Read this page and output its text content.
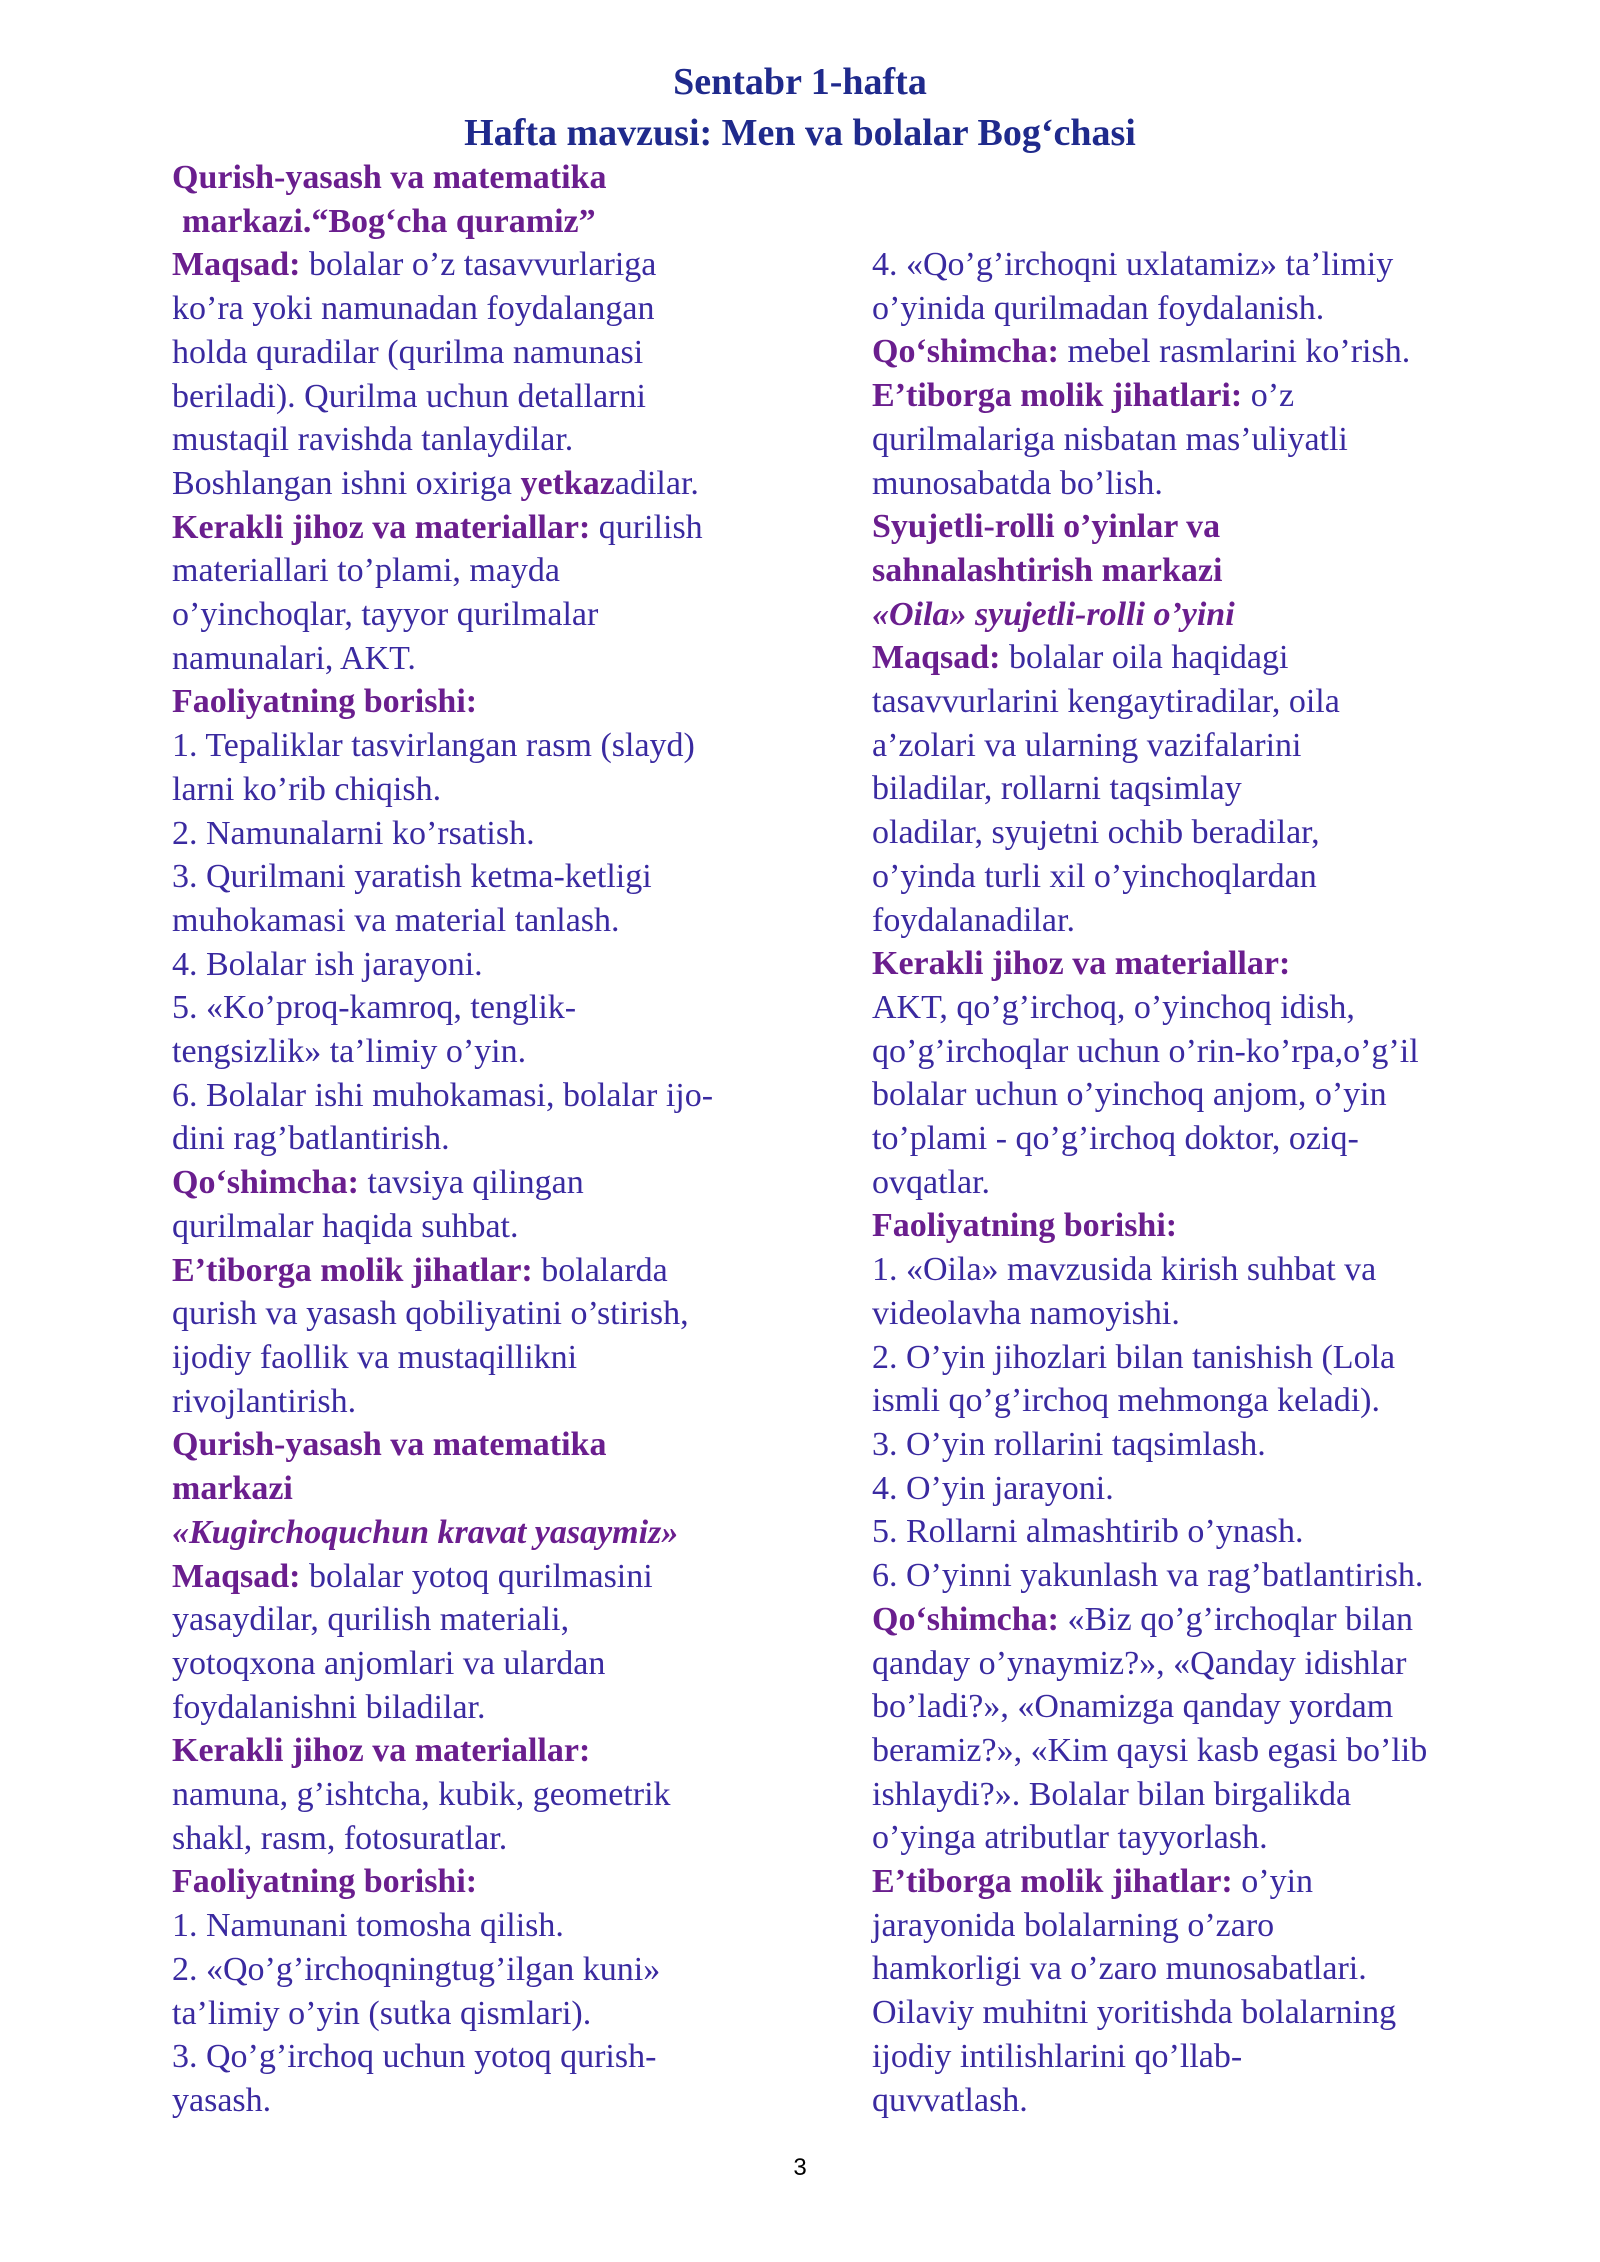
Sentabr 1-hafta
Hafta mavzusi: Men va bolalar Bog‘chasi
Qurish-yasash va matematika
markazi.“Bog‘cha quramiz”
Maqsad: bolalar o’z tasavvurlariga
ko’ra yoki namunadan foydalangan
holda quradilar (qurilma namunasi
beriladi). Qurilma uchun detallarni
mustaqil ravishda tanlaydilar.
Boshlangan ishni oxiriga yetkazadilar.
Kerakli jihoz va materiallar: qurilish
materiallari to’plami, mayda
o’yinchoqlar, tayyor qurilmalar
namunalari, AKT.
Faoliyatning borishi:
1. Tepaliklar tasvirlangan rasm (slayd)
larni ko’rib chiqish.
2. Namunalarni ko’rsatish.
3. Qurilmani yaratish ketma-ketligi
muhokamasi va material tanlash.
4. Bolalar ish jarayoni.
5. «Ko’proq-kamroq, tenglik-
tengsizlik» ta’limiy o’yin.
6. Bolalar ishi muhokamasi, bolalar ijo-
dini rag’batlantirish.
Qo‘shimcha: tavsiya qilingan
qurilmalar haqida suhbat.
E’tiborga molik jihatlar: bolalarda
qurish va yasash qobiliyatini o’stirish,
ijodiy faollik va mustaqillikni
rivojlantirish.
Qurish-yasash va matematika
markazi
«Kugirchoquchun kravat yasaymiz»
Maqsad: bolalar yotoq qurilmasini
yasaydilar, qurilish materiali,
yotoqxona anjomlari va ulardan
foydalanishni biladilar.
Kerakli jihoz va materiallar:
namuna, g’ishtcha, kubik, geometrik
shakl, rasm, fotosuratlar.
Faoliyatning borishi:
1. Namunani tomosha qilish.
2. «Qo’g’irchoqningtug’ilgan kuni»
ta’limiy o’yin (sutka qismlari).
3. Qo’g’irchoq uchun yotoq qurish-
yasash.
4. «Qo’g’irchoqni uxlatamiz» ta’limiy
o’yinida qurilmadan foydalanish.
Qo‘shimcha: mebel rasmlarini ko’rish.
E’tiborga molik jihatlari: o’z
qurilmalariga nisbatan mas’uliyatli
munosabatda bo’lish.
Syujetli-rolli o’yinlar va
sahnalashtirish markazi
«Oila» syujetli-rolli o’yini
Maqsad: bolalar oila haqidagi
tasavvurlarini kengaytiradilar, oila
a’zolari va ularning vazifalarini
biladilar, rollarni taqsimlay
oladilar, syujetni ochib beradilar,
o’yinda turli xil o’yinchoqlardan
foydalanadilar.
Kerakli jihoz va materiallar:
AKT, qo’g’irchoq, o’yinchoq idish,
qo’g’irchoqlar uchun o’rin-ko’rpa,o’g’il
bolalar uchun o’yinchoq anjom, o’yin
to’plami - qo’g’irchoq doktor, oziq-
ovqatlar.
Faoliyatning borishi:
1. «Oila» mavzusida kirish suhbat va
videolavha namoyishi.
2. O’yin jihozlari bilan tanishish (Lola
ismli qo’g’irchoq mehmonga keladi).
3. O’yin rollarini taqsimlash.
4. O’yin jarayoni.
5. Rollarni almashtirib o’ynash.
6. O’yinni yakunlash va rag’batlantirish.
Qo‘shimcha: «Biz qo’g’irchoqlar bilan
qanday o’ynaymiz?», «Qanday idishlar
bo’ladi?», «Onamizga qanday yordam
beramiz?», «Kim qaysi kasb egasi bo’lib
ishlaydi?». Bolalar bilan birgalikda
o’yinga atributlar tayyorlash.
E’tiborga molik jihatlar: o’yin
jarayonida bolalarning o’zaro
hamkorligi va o’zaro munosabatlari.
Oilaviy muhitni yoritishda bolalarning
ijodiy intilishlarini qo’llab-
quvvatlash.
3
